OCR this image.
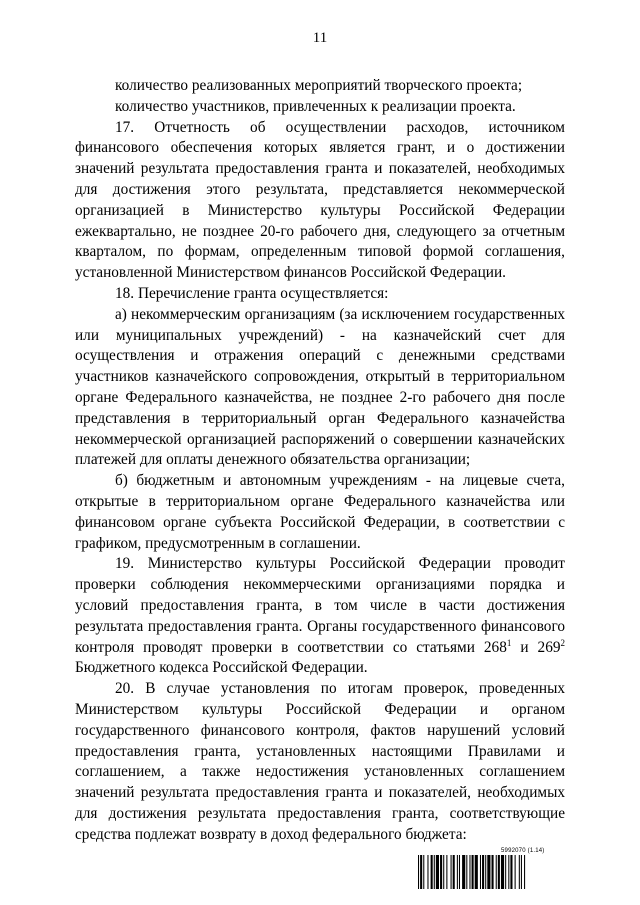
11

количество реализованных мероприятий творческого проекта;

количество участников, привлеченных к реализации проекта.

17. Отчетность об осуществлении расходов, источником финансового обеспечения которых является грант, и о достижении значений результата предоставления гранта и показателей, необходимых для достижения этого результата, представляется некоммерческой организацией в Министерство культуры Российской Федерации ежеквартально, не позднее 20-го рабочего дня, следующего за отчетным кварталом, по формам, определенным типовой формой соглашения, установленной Министерством финансов Российской Федерации.

18. Перечисление гранта осуществляется:

а) некоммерческим организациям (за исключением государственных или муниципальных учреждений) - на казначейский счет для осуществления и отражения операций с денежными средствами участников казначейского сопровождения, открытый в территориальном органе Федерального казначейства, не позднее 2-го рабочего дня после представления в территориальный орган Федерального казначейства некоммерческой организацией распоряжений о совершении казначейских платежей для оплаты денежного обязательства организации;

б) бюджетным и автономным учреждениям - на лицевые счета, открытые в территориальном органе Федерального казначейства или финансовом органе субъекта Российской Федерации, в соответствии с графиком, предусмотренным в соглашении.

19. Министерство культуры Российской Федерации проводит проверки соблюдения некоммерческими организациями порядка и условий предоставления гранта, в том числе в части достижения результата предоставления гранта. Органы государственного финансового контроля проводят проверки в соответствии со статьями $268^1$ и $269^2$ Бюджетного кодекса Российской Федерации.

20. В случае установления по итогам проверок, проведенных Министерством культуры Российской Федерации и органом государственного финансового контроля, фактов нарушений условий предоставления гранта, установленных настоящими Правилами и соглашением, а также недостижения установленных соглашением значений результата предоставления гранта и показателей, необходимых для достижения результата предоставления гранта, соответствующие средства подлежат возврату в доход федерального бюджета:

5992070 (1.14)
